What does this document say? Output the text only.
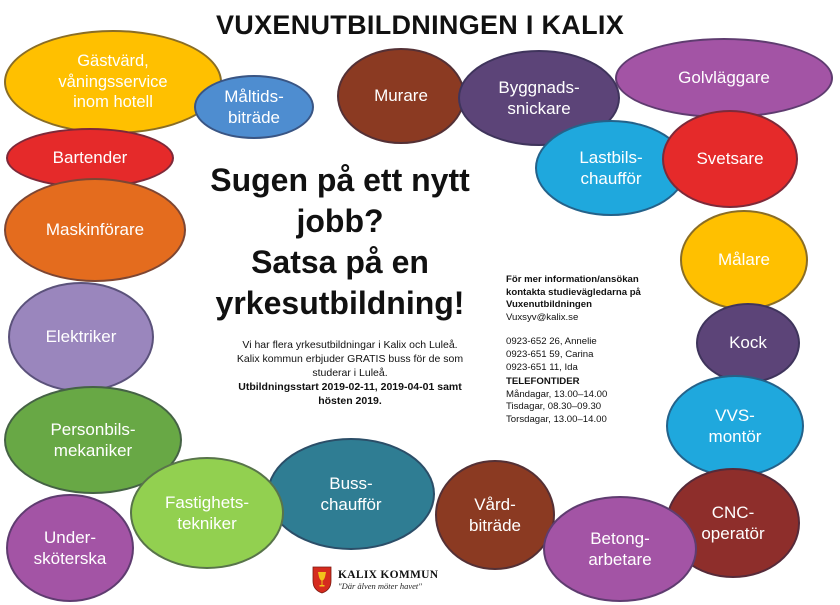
VUXENUTBILDNINGEN I KALIX
Gästvärd,
våningsservice
inom hotell	Måltids-
biträde
Murare	Byggnads-
snickare
Golvläggare
Bartender	Lastbils-
chaufför
Svetsare
Maskinförare
Målare
Elektriker	Kock
Personbils-
mekaniker
VVS-
montör
Buss-
chaufför
Fastighets-
tekniker
Vård-
biträde
CNC-
operatör
Under-
sköterska
Betong-
arbetare
Sugen på ett nytt
jobb?
Satsa på en
yrkesutbildning!
Vi har flera yrkesutbildningar i Kalix och Luleå.
Kalix kommun erbjuder GRATIS buss för de som
studerar i Luleå.
Utbildningsstart 2019-02-11, 2019-04-01 samt
hösten 2019.
För mer information/ansökan
kontakta studievägledarna på
Vuxenutbildningen
Vuxsyv@kalix.se
0923-652 26, Annelie
0923-651 59, Carina
0923-651 11, Ida
TELEFONTIDER
Måndagar, 13.00–14.00
Tisdagar, 08.30–09.30
Torsdagar, 13.00–14.00
KALIX KOMMUN
"Där älven möter havet"
